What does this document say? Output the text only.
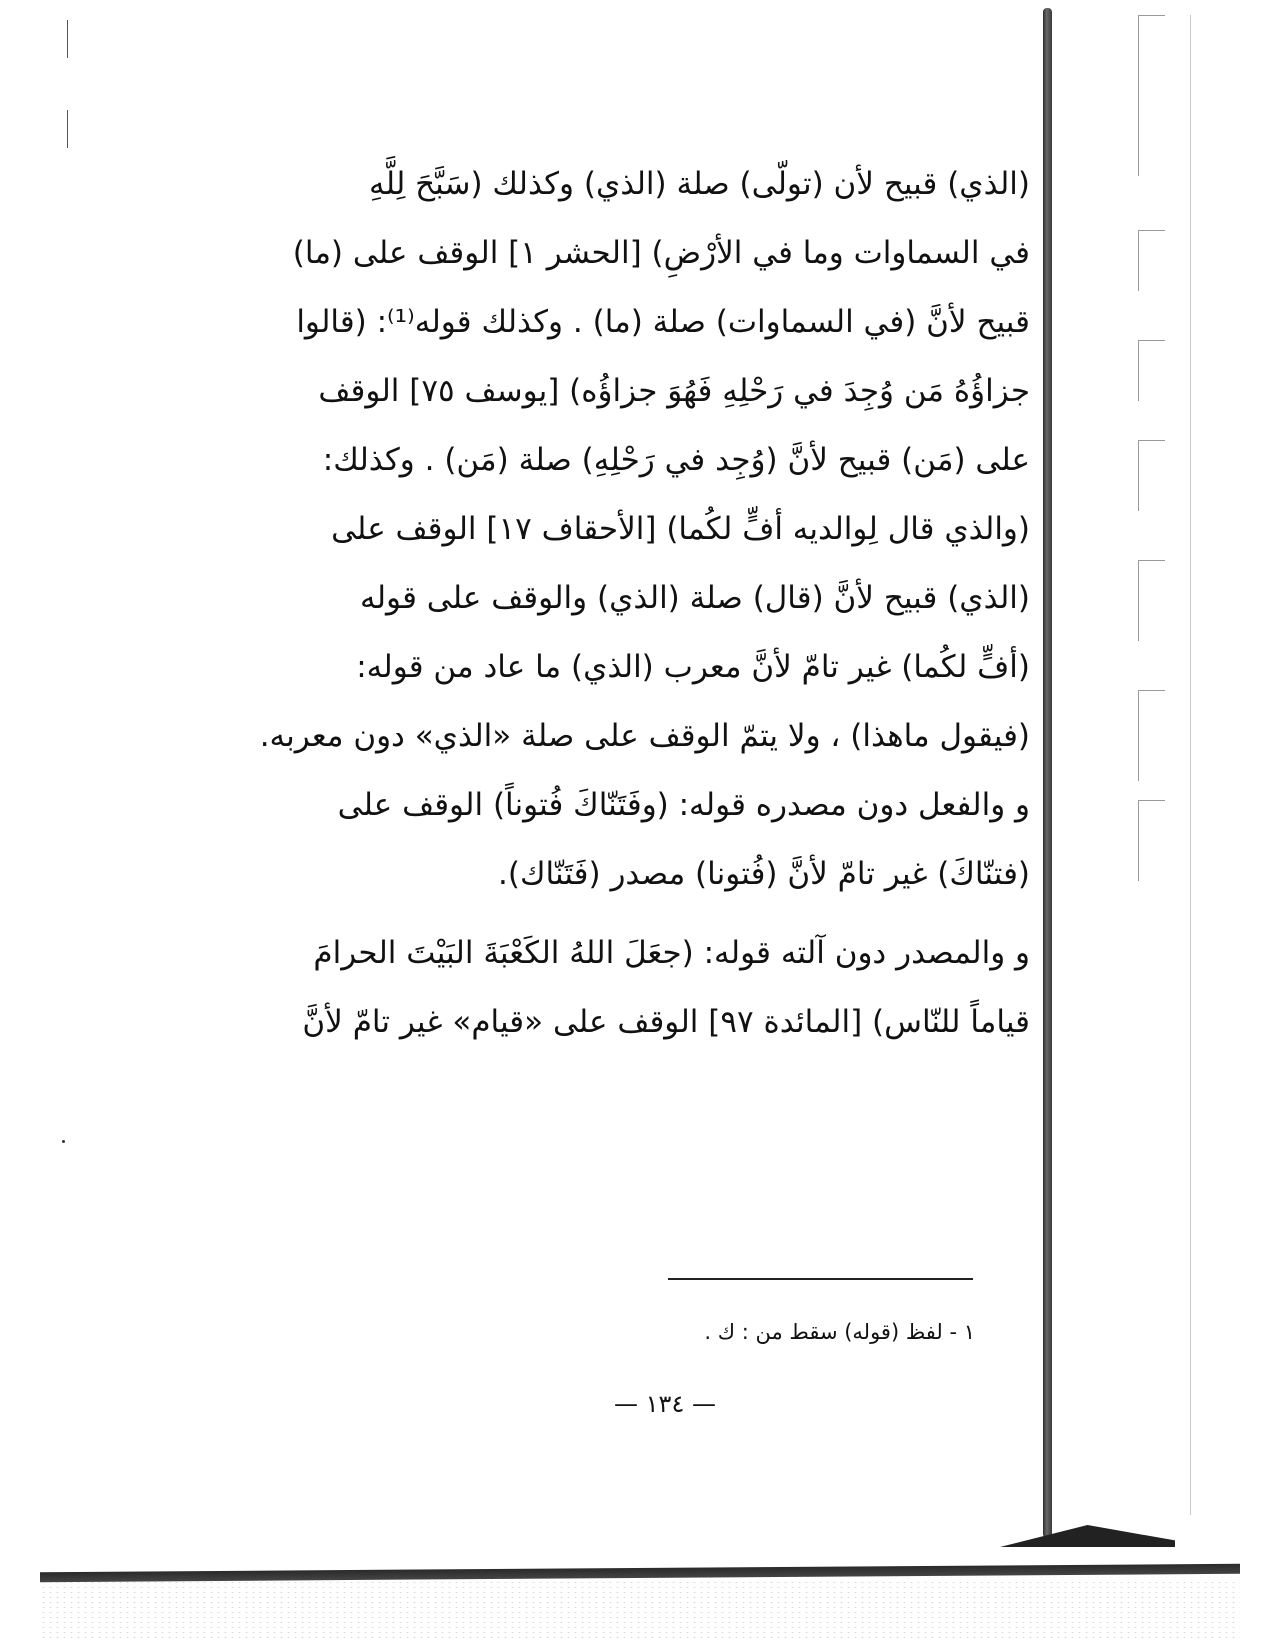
(الذي) قبيح لأن (تولّى) صلة (الذي) وكذلك (سَبَّحَ لِلَّهِ
في السماوات وما في الأرْضِ) [الحشر ١] الوقف على (ما)
قبيح لأنَّ (في السماوات) صلة (ما) . وكذلك قوله⁽¹⁾: (قالوا
جزاؤُهُ مَن وُجِدَ في رَحْلِهِ فَهُوَ جزاؤُه) [يوسف ٧٥] الوقف
على (مَن) قبيح لأنَّ (وُجِد في رَحْلِهِ) صلة (مَن) . وكذلك:
(والذي قال لِوالديه أفٍّ لكُما) [الأحقاف ١٧] الوقف على
(الذي) قبيح لأنَّ (قال) صلة (الذي) والوقف على قوله
(أفٍّ لكُما) غير تامّ لأنَّ معرب (الذي) ما عاد من قوله:
(فيقول ماهذا) ، ولا يتمّ الوقف على صلة «الذي» دون معربه.
و والفعل دون مصدره قوله: (وفَتَنّاكَ فُتوناً) الوقف على
(فتنّاكَ) غير تامّ لأنَّ (فُتونا) مصدر (فَتَنّاك).
و والمصدر دون آلته قوله: (جعَلَ اللهُ الكَعْبَةَ البَيْتَ الحرامَ
قياماً للنّاس) [المائدة ٩٧] الوقف على «قيام» غير تامّ لأنَّ
١ - لفظ (قوله) سقط من : ك .
— ١٣٤ —
